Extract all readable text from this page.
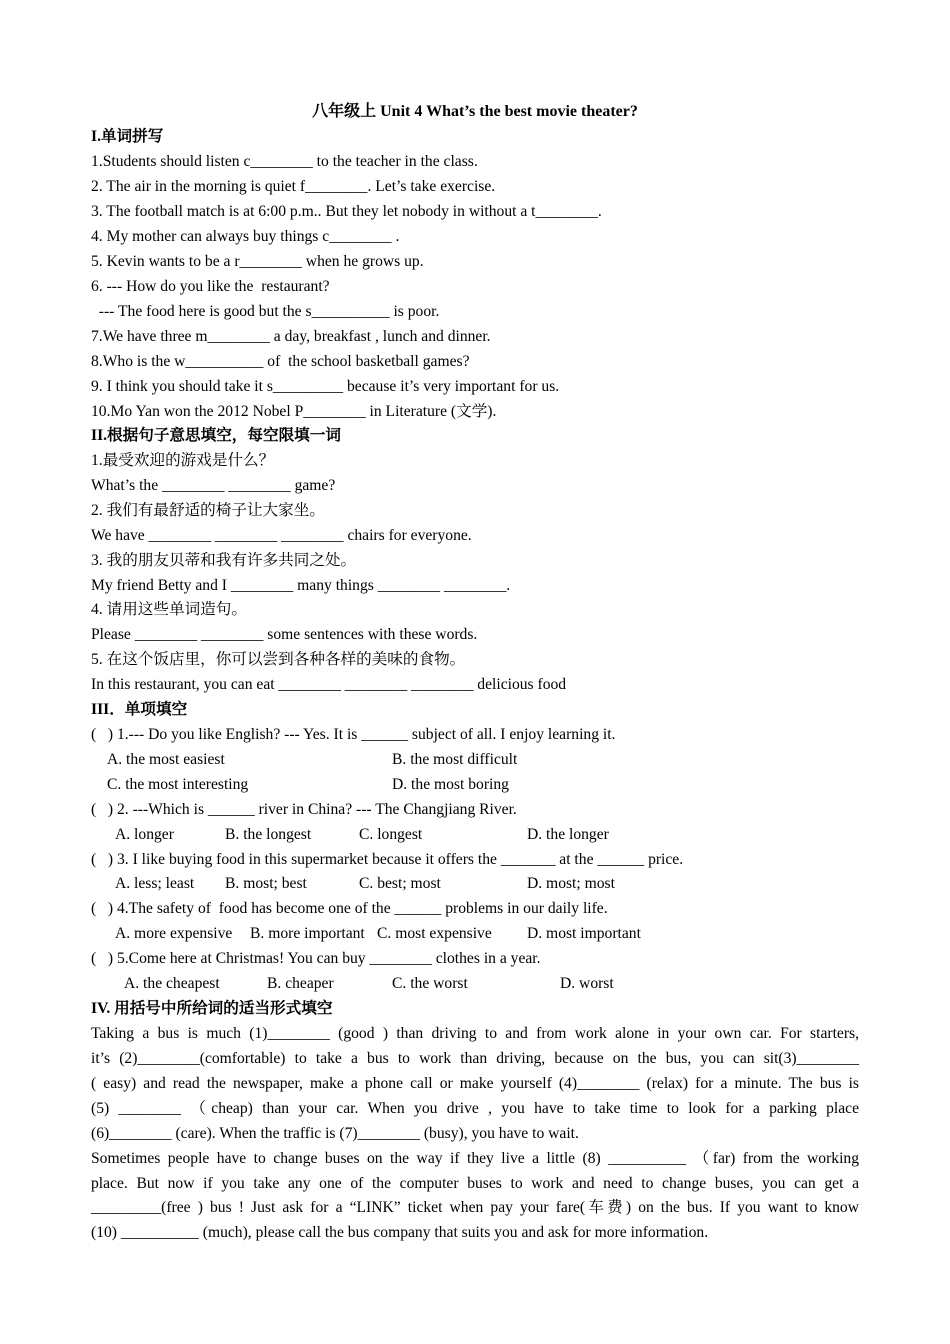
八年级上 Unit 4 What’s the best movie theater?
I.单词拼写
1.Students should listen c________ to the teacher in the class.
2. The air in the morning is quiet f________. Let’s take exercise.
3. The football match is at 6:00 p.m.. But they let nobody in without a t________.
4. My mother can always buy things c________ .
5. Kevin wants to be a r________ when he grows up.
6. --- How do you like the  restaurant?
--- The food here is good but the s__________ is poor.
7.We have three m________ a day, breakfast , lunch and dinner.
8.Who is the w__________ of  the school basketball games?
9. I think you should take it s_________ because it’s very important for us.
10.Mo Yan won the 2012 Nobel P________ in Literature (文学).
II.根据句子意思填空，每空限填一词
1.最受欢迎的游戏是什么？
What’s the ________ ________ game?
2. 我们有最舒适的椅子让大家坐。
We have ________ ________ ________ chairs for everyone.
3. 我的朋友贝蒂和我有许多共同之处。
My friend Betty and I ________ many things ________ ________.
4. 请用这些单词造句。
Please ________ ________ some sentences with these words.
5. 在这个饭店里，你可以尝到各种各样的美味的食物。
In this restaurant, you can eat ________ ________ ________ delicious food
III．单项填空
(   ) 1.--- Do you like English? --- Yes. It is ______ subject of all. I enjoy learning it.
A. the most easiest	B. the most difficult
C. the most interesting	D. the most boring
(   ) 2. ---Which is ______ river in China? --- The Changjiang River.
A. longer	B. the longest	C. longest	D. the longer
(   ) 3. I like buying food in this supermarket because it offers the _______ at the ______ price.
A. less; least B. most; best	C. best; most	D. most; most
(   ) 4.The safety of  food has become one of the ______ problems in our daily life.
A. more expensive B. more important C. most expensive D. most important
(   ) 5.Come here at Christmas! You can buy ________ clothes in a year.
A. the cheapest	B. cheaper	C. the worst	D. worst
IV. 用括号中所给词的适当形式填空
Taking a bus is much (1)________ (good ) than driving to and from work alone in your own car. For starters,
it’s (2)________(comfortable) to take a bus to work than driving, because on the bus, you can sit(3)________
( easy) and read the newspaper, make a phone call or make yourself (4)________ (relax) for a minute. The bus is
(5) ________ （cheap) than your car. When you drive , you have to take time to look for a parking place
(6)________ (care). When the traffic is (7)________ (busy), you have to wait.
Sometimes people have to change buses on the way if they live a little (8) __________ （far) from the working
place. But now if you take any one of the computer buses to work and need to change buses, you can get a
_________(free ) bus ! Just ask for a “LINK” ticket when pay your fare(车费) on the bus. If you want to know
(10) __________ (much), please call the bus company that suits you and ask for more information.
